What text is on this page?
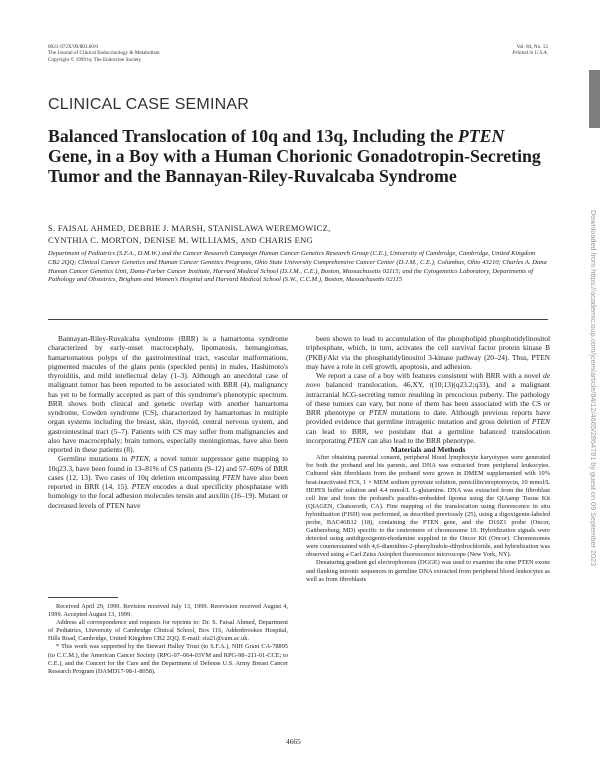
0021-972X/99/$03.00/0
The Journal of Clinical Endocrinology & Metabolism
Copyright © 1999 by The Endocrine Society
Vol. 84, No. 12
Printed in U.S.A.
Downloaded from https://academic.oup.com/jcem/article/84/12/4665/2864781 by guest on 09 September 2023
CLINICAL CASE SEMINAR
Balanced Translocation of 10q and 13q, Including the PTEN Gene, in a Boy with a Human Chorionic Gonadotropin-Secreting Tumor and the Bannayan-Riley-Ruvalcaba Syndrome
S. FAISAL AHMED, DEBBIE J. MARSH, STANISLAWA WEREMOWICZ,
CYNTHIA C. MORTON, DENISE M. WILLIAMS, AND CHARIS ENG
Department of Pediatrics (S.F.A., D.M.W.) and the Cancer Research Campaign Human Cancer Genetics Research Group (C.E.), University of Cambridge, Cambridge, United Kingdom CB2 2QQ; Clinical Cancer Genetics and Human Cancer Genetics Programs, Ohio State University Comprehensive Cancer Center (D.J.M., C.E.), Columbus, Ohio 43210; Charles A. Dana Human Cancer Genetics Unit, Dana-Farber Cancer Institute, Harvard Medical School (D.J.M., C.E.), Boston, Massachusetts 02115; and the Cytogenetics Laboratory, Departments of Pathology and Obstetrics, Brigham and Women's Hospital and Harvard Medical School (S.W., C.C.M.), Boston, Massachusetts 02115

Bannayan-Riley-Ruvalcaba syndrome (BRR) is a hamartoma syndrome characterized by early-onset macrocephaly, lipomatosis, hemangiomas, hamartomatous polyps of the gastrointestinal tract, vascular malformations, pigmented macules of the glans penis (speckled penis) in males, Hashimoto's thyroiditis, and mild intellectual delay (1–3). Although an anecdotal case of malignant tumor has been reported to be associated with BRR (4), malignancy has yet to be formally accepted as part of this syndrome's phenotypic spectrum. BRR shows both clinical and genetic overlap with another hamartoma syndrome, Cowden syndrome (CS), characterized by hamartomas in multiple organ systems including the breast, skin, thyroid, central nervous system, and gastrointestinal tract (5–7). Patients with CS may suffer from malignancies and also have macrocephaly; brain tumors, especially meningiomas, have also been reported in these patients (8).

Germline mutations in PTEN, a novel tumor suppressor gene mapping to 10q23.3, have been found in 13–81% of CS patients (9–12) and 57–60% of BRR cases (12, 13). Two cases of 10q deletion encompassing PTEN have also been reported in BRR (14, 15). PTEN encodes a dual specificity phosphatase with homology to the focal adhesion molecules tensin and auxilin (16–19). Mutant or decreased levels of PTEN have

been shown to lead to accumulation of the phospholipid phosphotidylinositol triphosphate, which, in turn, activates the cell survival factor protein kinase B (PKB)/Akt via the phosphatidylinositol 3-kinase pathway (20–24). Thus, PTEN may have a role in cell growth, apoptosis, and adhesion.

We report a case of a boy with features consistent with BRR with a novel de novo balanced translocation, 46,XY, t(10;13)(q23.2;q33), and a malignant intracranial hCG-secreting tumor resulting in precocious puberty. The pathology of these tumors can vary, but none of them has been associated with the CS or BRR phenotype or PTEN mutations to date. Although previous reports have provided evidence that germline intragenic mutation and gross deletion of PTEN can lead to BRR, we postulate that a germline balanced translocation incorporating PTEN can also lead to the BRR phenotype.

Materials and Methods

After obtaining parental consent, peripheral blood lymphocyte karyotypes were generated for both the proband and his parents, and DNA was extracted from peripheral leukocytes. Cultured skin fibroblasts from the proband were grown in DMEM supplemented with 10% heat-inactivated FCS, 1 × MEM sodium pyruvate solution, penicillin/streptomycin, 10 mmol/L HEPES buffer solution and 4.4 mmol/L L-glutamine. DNA was extracted from the fibroblast cell line and from the proband's paraffin-embedded lipoma using the QIAamp Tissue Kit (QIAGEN, Chatsworth, CA). Fine mapping of the translocation using fluorescence in situ hybridization (FISH) was performed, as described previously (25), using a digoxigenin-labeled probe, BAC46B12 (18), containing the PTEN gene, and the D10Z1 probe (Oncor, Gaithersburg, MD) specific to the centromere of chromosome 10. Hybridization signals were detected using antidigoxigenin-rhodamine supplied in the Oncor Kit (Oncor). Chromosomes were counterstained with 4,6-diamidino-2-phenylindole-dihydrochloride, and hybridization was observed using a Carl Zeiss Axiophot fluorescence microscope (New York, NY).

Denaturing gradient gel electrophoresis (DGGE) was used to examine the nine PTEN exons and flanking intronic sequences in germline DNA extracted from peripheral blood leukocytes as well as from fibroblasts

Received April 29, 1999. Revision received July 13, 1999. Rerevision received August 4, 1999. Accepted August 13, 1999.

Address all correspondence and requests for reprints to: Dr. S. Faisal Ahmed, Department of Pediatrics, University of Cambridge Clinical School, Box 116, Addenbrookes Hospital, Hills Road, Cambridge, United Kingdom CB2 2QQ. E-mail: sfa21@cam.ac.uk.

* This work was supported by the Stewart Halley Trust (to S.F.A.), NIH Grant CA-78895 (to C.C.M.), the American Cancer Society (RPG-97–064-03VM and RPG-98–211-01-CCE; to C.E.), and the Concert for the Cure and the Department of Defense U.S. Army Breast Cancer Research Program (DAMD17-98-1-8058).

4665
